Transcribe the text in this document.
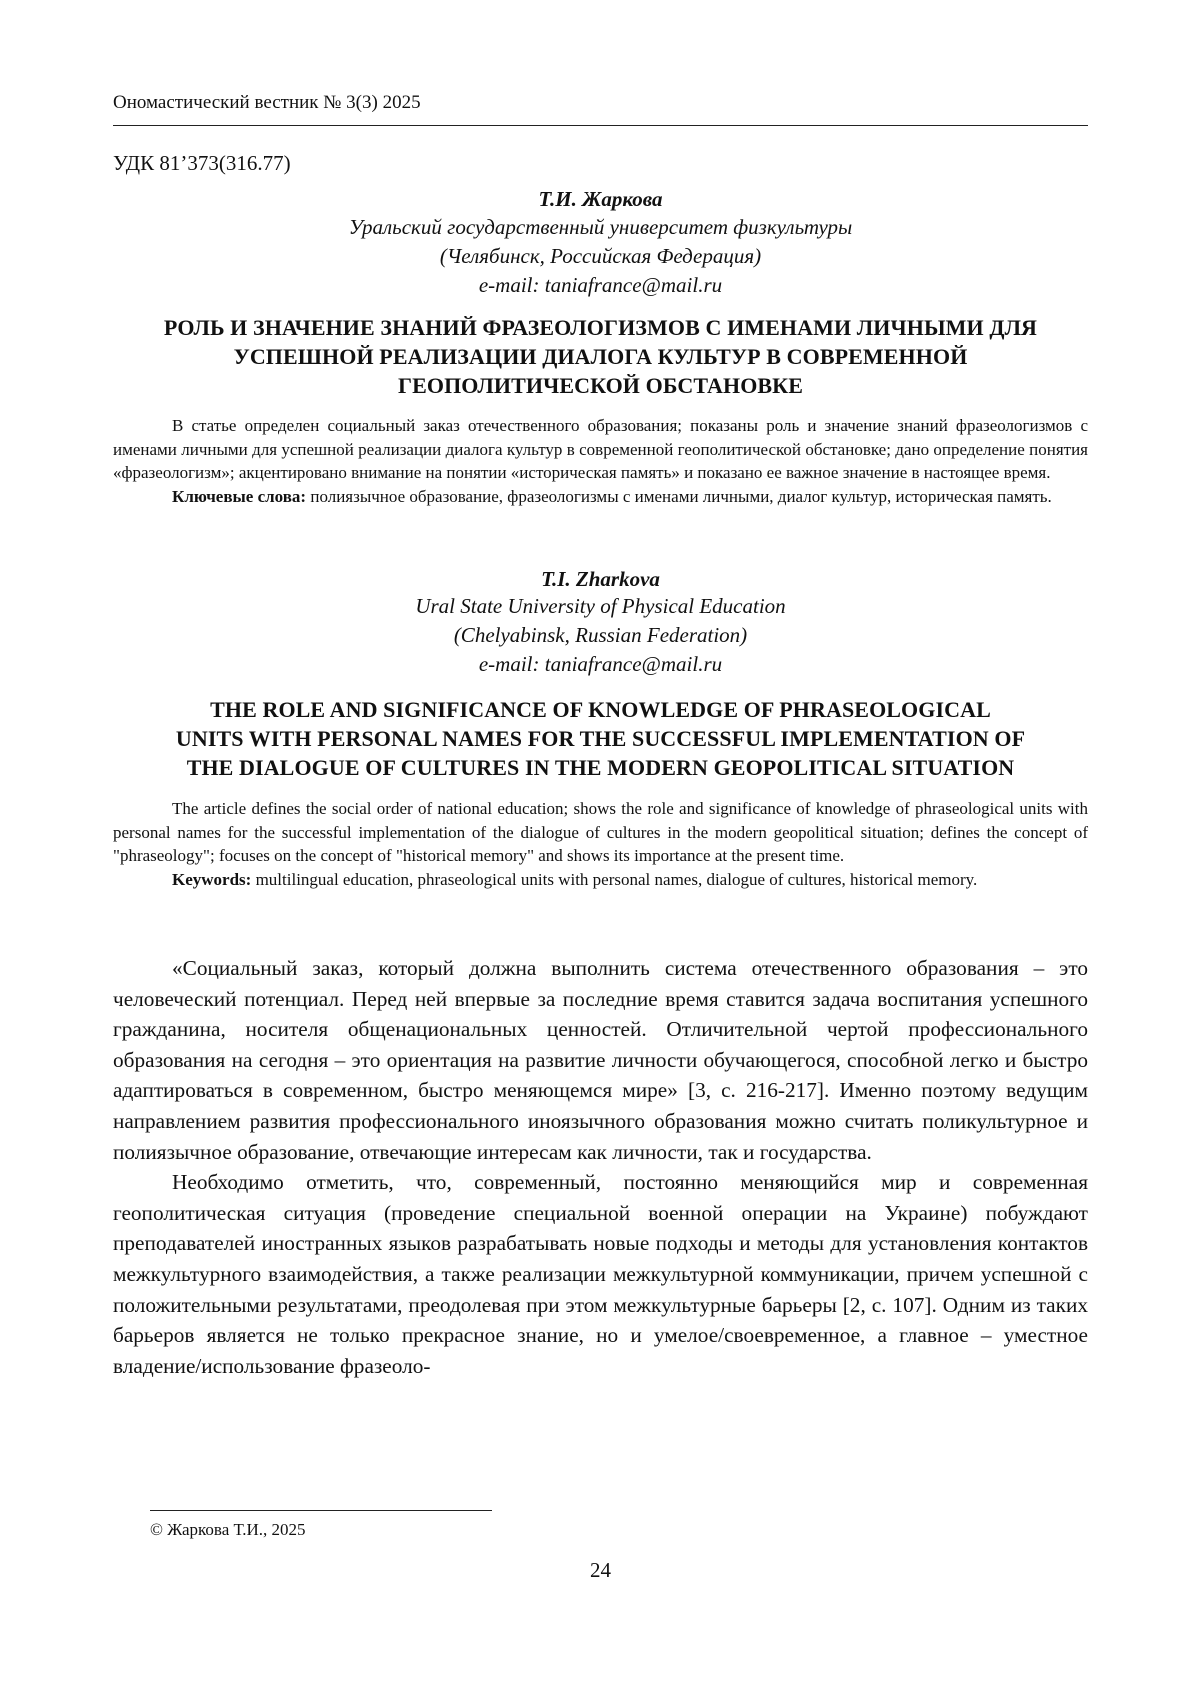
Ономастический вестник № 3(3) 2025
УДК 81’373(316.77)
Т.И. Жаркова
Уральский государственный университет физкультуры
(Челябинск, Российская Федерация)
e-mail: taniafrance@mail.ru
РОЛЬ И ЗНАЧЕНИЕ ЗНАНИЙ ФРАЗЕОЛОГИЗМОВ С ИМЕНАМИ ЛИЧНЫМИ ДЛЯ
УСПЕШНОЙ РЕАЛИЗАЦИИ ДИАЛОГА КУЛЬТУР В СОВРЕМЕННОЙ
ГЕОПОЛИТИЧЕСКОЙ ОБСТАНОВКЕ

В статье определен социальный заказ отечественного образования; показаны роль и значение знаний фразеологизмов с именами личными для успешной реализации диалога культур в современной геополитической обстановке; дано определение понятия «фразеологизм»; акцентировано внимание на понятии «историческая память» и показано ее важное значение в настоящее время.

Ключевые слова: полиязычное образование, фразеологизмы с именами личными, диалог культур, историческая память.

T.I. Zharkova
Ural State University of Physical Education
(Chelyabinsk, Russian Federation)
e-mail: taniafrance@mail.ru
THE ROLE AND SIGNIFICANCE OF KNOWLEDGE OF PHRASEOLOGICAL
UNITS WITH PERSONAL NAMES FOR THE SUCCESSFUL IMPLEMENTATION OF
THE DIALOGUE OF CULTURES IN THE MODERN GEOPOLITICAL SITUATION

The article defines the social order of national education; shows the role and significance of knowledge of phraseological units with personal names for the successful implementation of the dialogue of cultures in the modern geopolitical situation; defines the concept of "phraseology"; focuses on the concept of "historical memory" and shows its importance at the present time.

Keywords: multilingual education, phraseological units with personal names, dialogue of cultures, historical memory.

«Социальный заказ, который должна выполнить система отечественного образования – это человеческий потенциал. Перед ней впервые за последние время ставится задача воспитания успешного гражданина, носителя общенациональных ценностей. Отличительной чертой профессионального образования на сегодня – это ориентация на развитие личности обучающегося, способной легко и быстро адаптироваться в современном, быстро меняющемся мире» [3, с. 216-217]. Именно поэтому ведущим направлением развития профессионального иноязычного образования можно считать поликультурное и полиязычное образование, отвечающие интересам как личности, так и государства.

Необходимо отметить, что, современный, постоянно меняющийся мир и современная геополитическая ситуация (проведение специальной военной операции на Украине) побуждают преподавателей иностранных языков разрабатывать новые подходы и методы для установления контактов межкультурного взаимодействия, а также реализации межкультурной коммуникации, причем успешной с положительными результатами, преодолевая при этом межкультурные барьеры [2, с. 107]. Одним из таких барьеров является не только прекрасное знание, но и умелое/своевременное, а главное – уместное владение/использование фразеоло-

© Жаркова Т.И., 2025
24
